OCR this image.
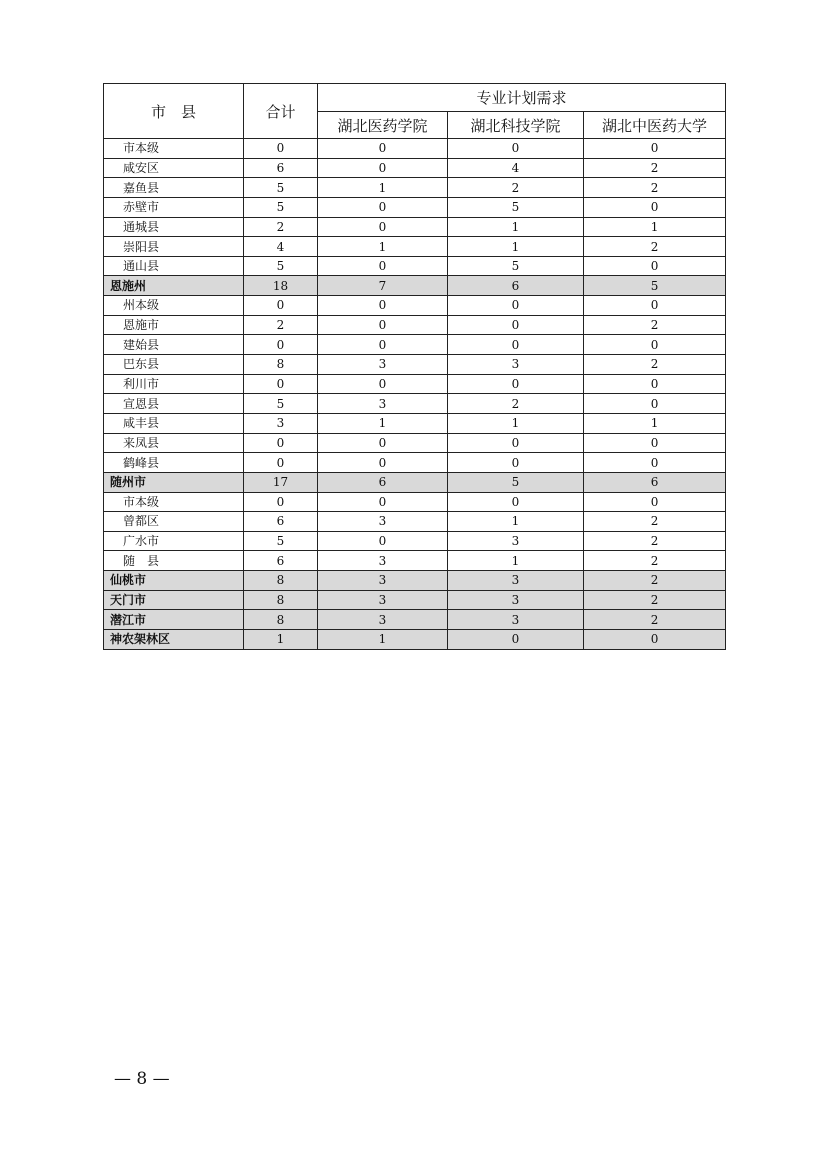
市　县	合计	专业计划需求		
		湖北医药学院	湖北科技学院	湖北中医药大学
市本级	0	0	0	0
咸安区	6	0	4	2
嘉鱼县	5	1	2	2
赤壁市	5	0	5	0
通城县	2	0	1	1
崇阳县	4	1	1	2
通山县	5	0	5	0
恩施州	18	7	6	5
州本级	0	0	0	0
恩施市	2	0	0	2
建始县	0	0	0	0
巴东县	8	3	3	2
利川市	0	0	0	0
宣恩县	5	3	2	0
咸丰县	3	1	1	1
来凤县	0	0	0	0
鹤峰县	0	0	0	0
随州市	17	6	5	6
市本级	0	0	0	0
曾都区	6	3	1	2
广水市	5	0	3	2
随　县	6	3	1	2
仙桃市	8	3	3	2
天门市	8	3	3	2
潜江市	8	3	3	2
神农架林区	1	1	0	0
— 8 —
